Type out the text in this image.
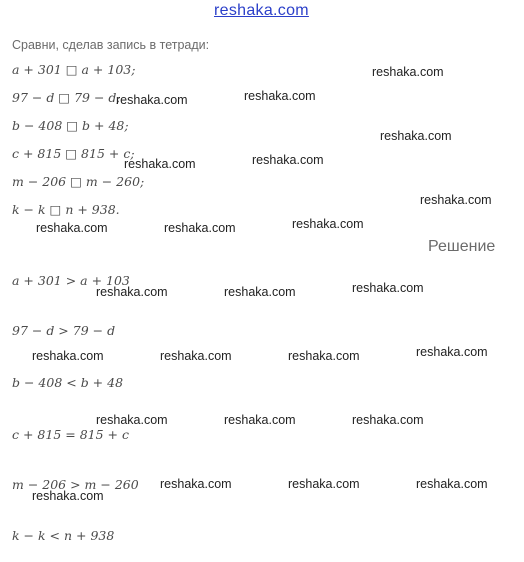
reshaka.com
Сравни, сделав запись в тетради:
a + 301 □ a + 103;
97 − d □ 79 − d;
b − 408 □ b + 48;
c + 815 □ 815 + c;
m − 206 □ m − 260;
k − k □ n + 938.
Решение
a + 301 > a + 103
97 − d > 79 − d
b − 408 < b + 48
c + 815 = 815 + c
m − 206 > m − 260
k − k < n + 938
reshaka.com
reshaka.com	reshaka.com
reshaka.com
reshaka.com	reshaka.com
reshaka.com
reshaka.com	reshaka.com	reshaka.com
reshaka.com	reshaka.com	reshaka.com
reshaka.com	reshaka.com	reshaka.com	reshaka.com
reshaka.com	reshaka.com	reshaka.com
reshaka.com	reshaka.com	reshaka.com
reshaka.com
